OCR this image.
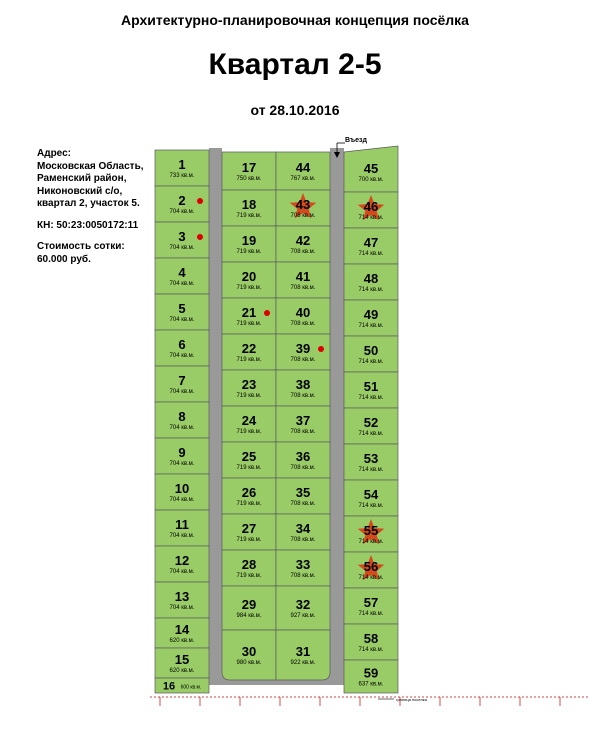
Архитектурно-планировочная концепция посёлка
Квартал 2-5
от 28.10.2016
Адрес:
Московская Область,
Раменский район,
Никоновский с/о,
квартал 2, участок 5.
КН: 50:23:0050172:11
Стоимость сотки:
60.000 руб.
Въезд
граница поселка
1
733 кв.м.
2
704 кв.м.
3
704 кв.м.
4
704 кв.м.
5
704 кв.м.
6
704 кв.м.
7
704 кв.м.
8
704 кв.м.
9
704 кв.м.
10
704 кв.м.
11
704 кв.м.
12
704 кв.м.
13
704 кв.м.
14
620 кв.м.
15
620 кв.м.
16 600 кв.м.
17
750 кв.м.
18
719 кв.м.
19
719 кв.м.
20
719 кв.м.
21
719 кв.м.
22
719 кв.м.
23
719 кв.м.
24
719 кв.м.
25
719 кв.м.
26
719 кв.м.
27
719 кв.м.
28
719 кв.м.
29
984 кв.м.
30
980 кв.м.
44
767 кв.м.
43
708 кв.м.
42
708 кв.м.
41
708 кв.м.
40
708 кв.м.
39
708 кв.м.
38
708 кв.м.
37
708 кв.м.
36
708 кв.м.
35
708 кв.м.
34
708 кв.м.
33
708 кв.м.
32
927 кв.м.
31
922 кв.м.
45
700 кв.м.
46
714 кв.м.
47
714 кв.м.
48
714 кв.м.
49
714 кв.м.
50
714 кв.м.
51
714 кв.м.
52
714 кв.м.
53
714 кв.м.
54
714 кв.м.
55
714 кв.м.
56
714 кв.м.
57
714 кв.м.
58
714 кв.м.
59
637 кв.м.
